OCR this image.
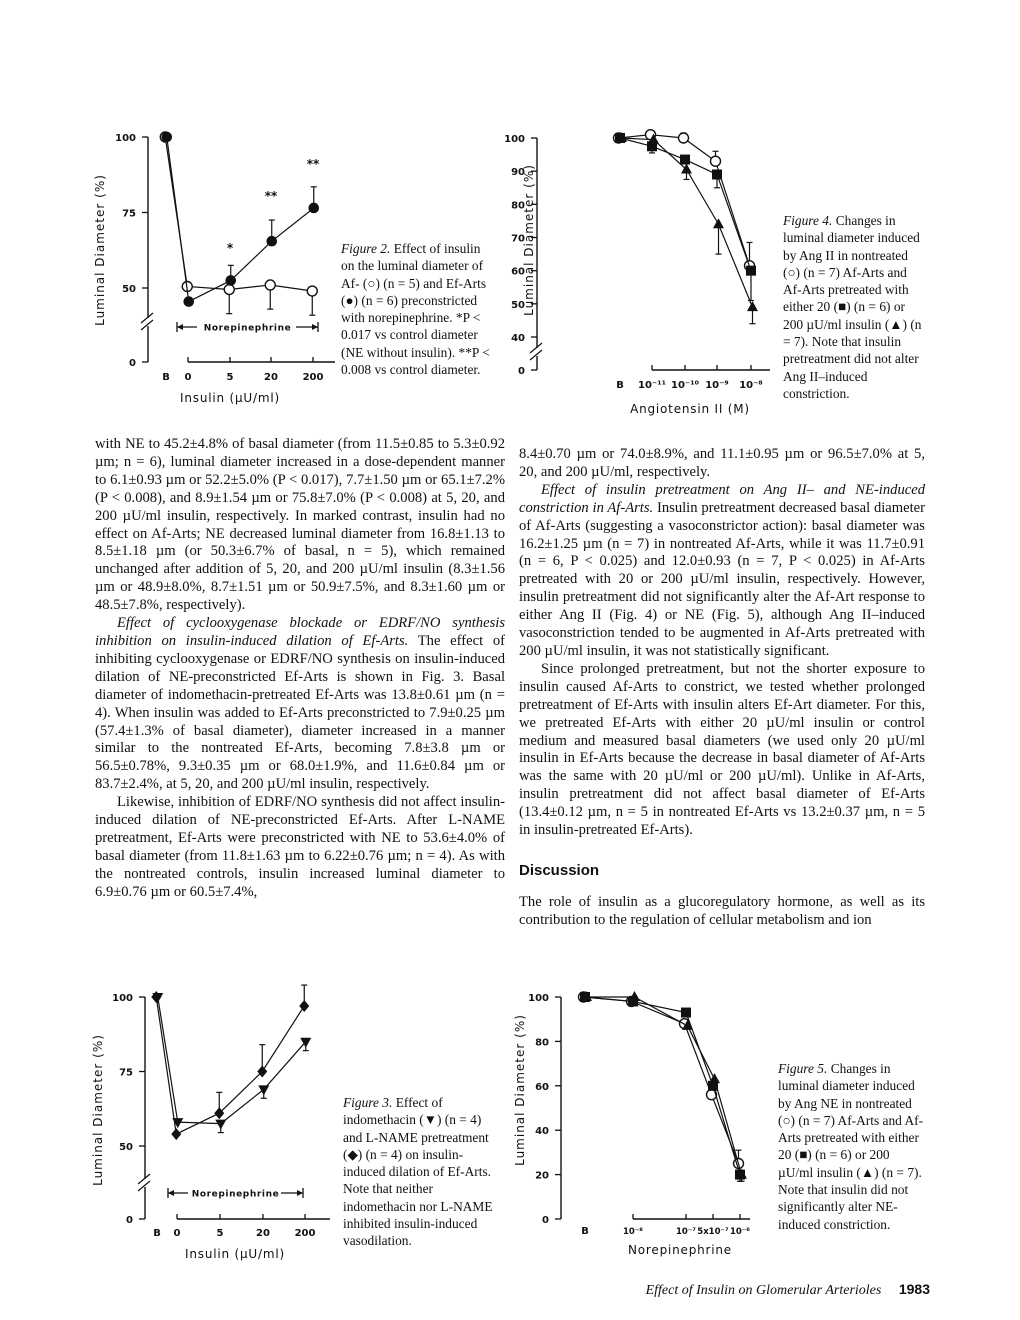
0
50
75
100
B 0	5	20 200
Luminal Diameter (%)
Insulin (µU/ml)
Norepinephrine
*
**
**
0
40
50
60
70
80
90
100
B 10⁻¹¹ 10⁻¹⁰ 10⁻⁹ 10⁻⁸
Luminal Diameter (%)
Angiotensin II (M)
0
50
75
100
B 0	5	20 200
Luminal Diameter (%)
Insulin (µU/ml)
Norepinephrine
0
20
40
60
80
100
B	10⁻⁸	10⁻⁷ 5x10⁻⁷ 10⁻⁶
Luminal Diameter (%)
Norepinephrine
Figure 2. Effect of insulin on the luminal diameter of Af- (○) (n = 5) and Ef-Arts (●) (n = 6) preconstricted with norepinephrine. *P < 0.017 vs control diameter (NE without insulin). **P < 0.008 vs control diameter.
Figure 4. Changes in luminal diameter induced by Ang II in nontreated (○) (n = 7) Af-Arts and Af-Arts pretreated with either 20 (■) (n = 6) or 200 µU/ml insulin (▲) (n = 7). Note that insulin pretreatment did not alter Ang II–induced constriction.
Figure 3. Effect of indomethacin (▼) (n = 4) and L-NAME pretreatment (◆) (n = 4) on insulin-induced dilation of Ef-Arts. Note that neither indomethacin nor L-NAME inhibited insulin-induced vasodilation.
Figure 5. Changes in luminal diameter induced by Ang NE in nontreated (○) (n = 7) Af-Arts and Af-Arts pretreated with either 20 (■) (n = 6) or 200 µU/ml insulin (▲) (n = 7). Note that insulin did not significantly alter NE-induced constriction.

with NE to 45.2±4.8% of basal diameter (from 11.5±0.85 to 5.3±0.92 µm; n = 6), luminal diameter increased in a dose-dependent manner to 6.1±0.93 µm or 52.2±5.0% (P < 0.017), 7.7±1.50 µm or 65.1±7.2% (P < 0.008), and 8.9±1.54 µm or 75.8±7.0% (P < 0.008) at 5, 20, and 200 µU/ml insulin, respectively. In marked contrast, insulin had no effect on Af-Arts; NE decreased luminal diameter from 16.8±1.13 to 8.5±1.18 µm (or 50.3±6.7% of basal, n = 5), which remained unchanged after addition of 5, 20, and 200 µU/ml insulin (8.3±1.56 µm or 48.9±8.0%, 8.7±1.51 µm or 50.9±7.5%, and 8.3±1.60 µm or 48.5±7.8%, respectively).

Effect of cyclooxygenase blockade or EDRF/NO synthesis inhibition on insulin-induced dilation of Ef-Arts. The effect of inhibiting cyclooxygenase or EDRF/NO synthesis on insulin-induced dilation of NE-preconstricted Ef-Arts is shown in Fig. 3. Basal diameter of indomethacin-pretreated Ef-Arts was 13.8±0.61 µm (n = 4). When insulin was added to Ef-Arts preconstricted to 7.9±0.25 µm (57.4±1.3% of basal diameter), diameter increased in a manner similar to the nontreated Ef-Arts, becoming 7.8±3.8 µm or 56.5±0.78%, 9.3±0.35 µm or 68.0±1.9%, and 11.6±0.84 µm or 83.7±2.4%, at 5, 20, and 200 µU/ml insulin, respectively.

Likewise, inhibition of EDRF/NO synthesis did not affect insulin-induced dilation of NE-preconstricted Ef-Arts. After L-NAME pretreatment, Ef-Arts were preconstricted with NE to 53.6±4.0% of basal diameter (from 11.8±1.63 µm to 6.22±0.76 µm; n = 4). As with the nontreated controls, insulin increased luminal diameter to 6.9±0.76 µm or 60.5±7.4%,

8.4±0.70 µm or 74.0±8.9%, and 11.1±0.95 µm or 96.5±7.0% at 5, 20, and 200 µU/ml, respectively.

Effect of insulin pretreatment on Ang II– and NE-induced constriction in Af-Arts. Insulin pretreatment decreased basal diameter of Af-Arts (suggesting a vasoconstrictor action): basal diameter was 16.2±1.25 µm (n = 7) in nontreated Af-Arts, while it was 11.7±0.91 (n = 6, P < 0.025) and 12.0±0.93 (n = 7, P < 0.025) in Af-Arts pretreated with 20 or 200 µU/ml insulin, respectively. However, insulin pretreatment did not significantly alter the Af-Art response to either Ang II (Fig. 4) or NE (Fig. 5), although Ang II–induced vasoconstriction tended to be augmented in Af-Arts pretreated with 200 µU/ml insulin, it was not statistically significant.

Since prolonged pretreatment, but not the shorter exposure to insulin caused Af-Arts to constrict, we tested whether prolonged pretreatment of Ef-Arts with insulin alters Ef-Art diameter. For this, we pretreated Ef-Arts with either 20 µU/ml insulin or control medium and measured basal diameters (we used only 20 µU/ml insulin in Ef-Arts because the decrease in basal diameter of Af-Arts was the same with 20 µU/ml or 200 µU/ml). Unlike in Af-Arts, insulin pretreatment did not affect basal diameter of Ef-Arts (13.4±0.12 µm, n = 5 in nontreated Ef-Arts vs 13.2±0.37 µm, n = 5 in insulin-pretreated Ef-Arts).

Discussion

The role of insulin as a glucoregulatory hormone, as well as its contribution to the regulation of cellular metabolism and ion

Effect of Insulin on Glomerular Arterioles 1983
